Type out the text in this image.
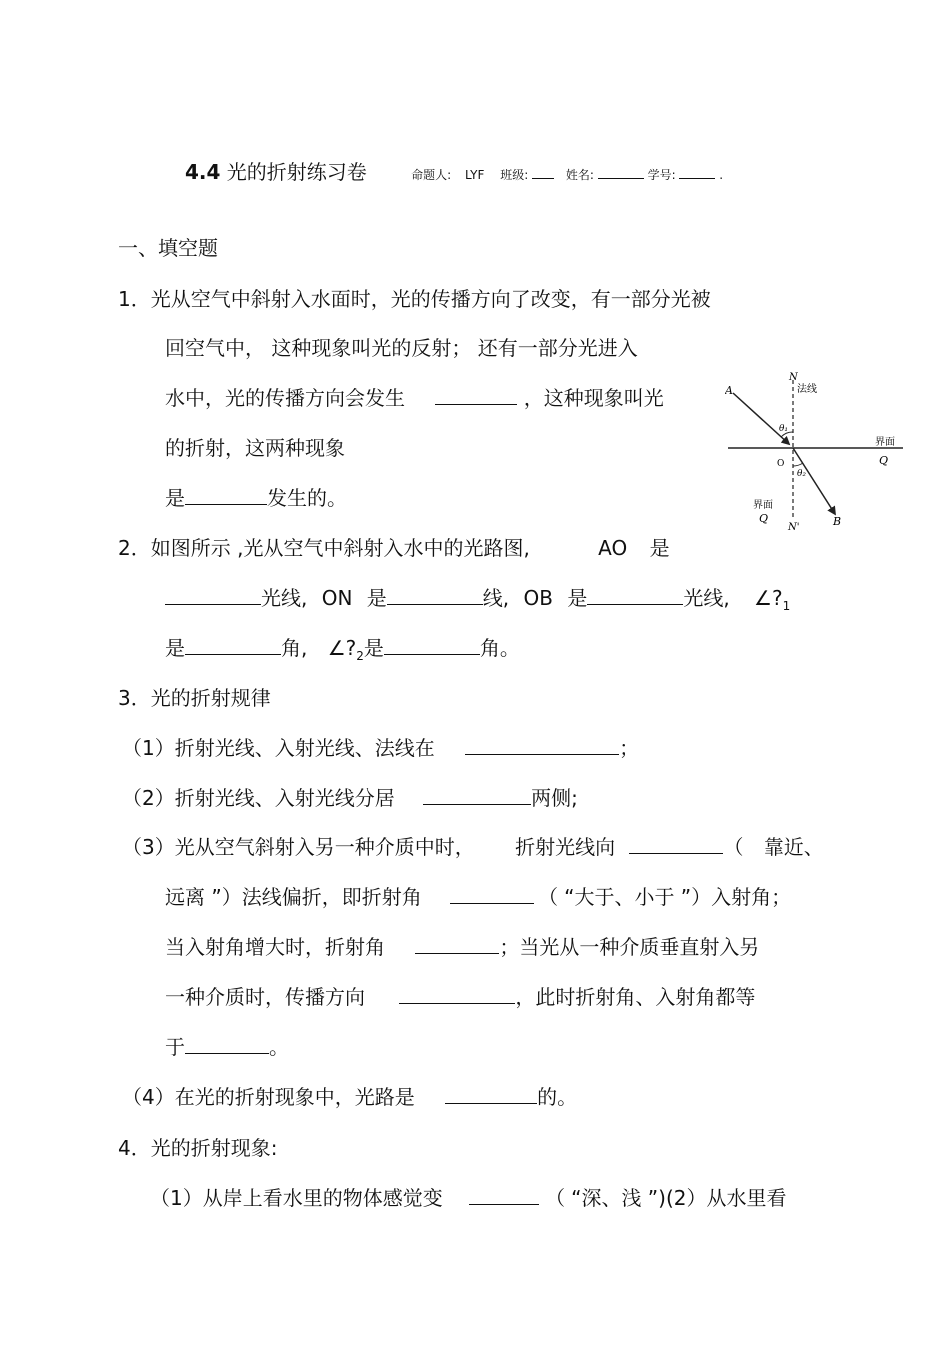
4.4 光的折射练习卷	命题人: LYF 班级:	姓名:	学号:	.
一、填空题
1．光从空气中斜射入水面时，光的传播方向了改变，有一部分光被
回空气中， 这种现象叫光的反射； 还有一部分光进入
水中，光的传播方向会发生	，这种现象叫光
的折射，这两种现象
是	发生的。
A
N
法线
θ₁
界面
Q
O
θ₂
界面
Q
N'	B
2．如图所示 ,光从空气中斜射入水中的光路图,	AO 是
光线, ON 是	线, OB 是	光线, $\angle?_1$
是	角, $\angle?_2$是	角。
3．光的折射规律
（1）折射光线、入射光线、法线在	；
（2）折射光线、入射光线分居	两侧;
（3）光从空气斜射入另一种介质中时， 折射光线向	（ 靠近、
远离 ”）法线偏折，即折射角	（ “大于、小于 ”）入射角；
当入射角增大时，折射角	；当光从一种介质垂直射入另
一种介质时，传播方向	，此时折射角、入射角都等
于	。
（4）在光的折射现象中，光路是	的。
4．光的折射现象:
（1）从岸上看水里的物体感觉变	（ “深、浅 ”)(2）从水里看
